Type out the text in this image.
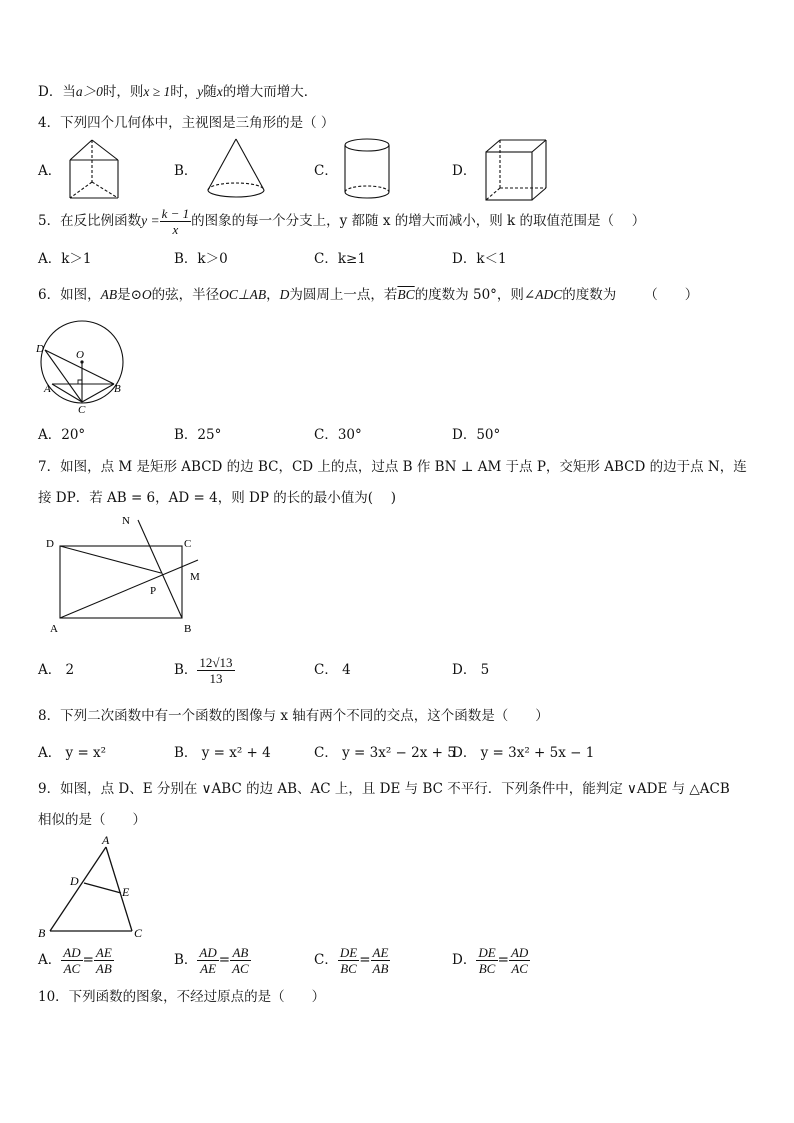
D．当a＞0时，则x ≥ 1时，y随x的增大而增大．
4．下列四个几何体中，主视图是三角形的是（ ）
A．	B．	C．	D．
5．在反比例函数$y = \frac{k - 1}{x}$ 的图象的每一个分支上，y 都随 x 的增大而减小，则 k 的取值范围是（　 ）
A．k＞1	B．k＞0	C．k≥1	D．k＜1
6．如图，AB是⊙O的弦，半径OC⊥AB，D为圆周上一点，若$\overline{BC}$的度数为 50°，则∠ADC的度数为 （　　）
D	O
A	B
C
A．20°	B．25°	C．30°	D．50°
7．如图，点 M 是矩形 ABCD 的边 BC，CD 上的点，过点 B 作 BN ⊥ AM 于点 P，交矩形 ABCD 的边于点 N，连
接 DP．若 AB = 6，AD = 4，则 DP 的长的最小值为(　 )
N
D	C
M
P
A	B
A． 2	B． $\frac{12√13}{13}$	C． 4	D． 5
8．下列二次函数中有一个函数的图像与 x 轴有两个不同的交点，这个函数是（　　）
A． y = x²	B． y = x² + 4	C． y = 3x² − 2x + 5
D． y = 3x² + 5x − 1
9．如图，点 D、E 分别在 ∨ABC 的边 AB、AC 上，且 DE 与 BC 不平行．下列条件中，能判定 ∨ADE 与 △ACB
相似的是（　　）
A
D
E
B	C
A． $\frac{AD}{AC} = \frac{AE}{AB}$	B． $\frac{AD}{AE} = \frac{AB}{AC}$	C． $\frac{DE}{BC} = \frac{AE}{AB}$	D． $\frac{DE}{BC} = \frac{AD}{AC}$
10．下列函数的图象，不经过原点的是（　　）
